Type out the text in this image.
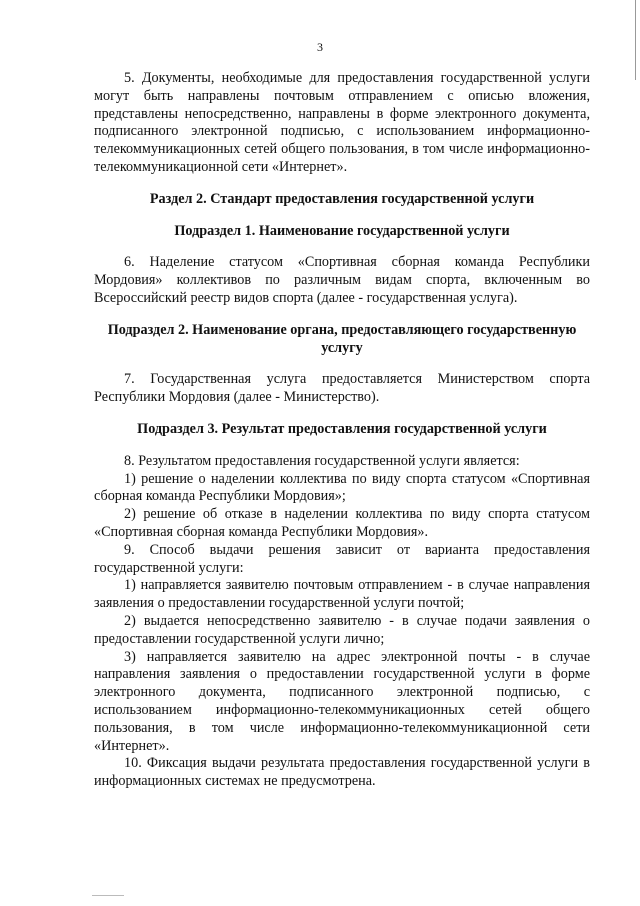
3

5. Документы, необходимые для предоставления государственной услуги могут быть направлены почтовым отправлением с описью вложения, представлены непосредственно, направлены в форме электронного документа, подписанного электронной подписью, с использованием информационно-телекоммуникационных сетей общего пользования, в том числе информационно-телекоммуникационной сети «Интернет».

Раздел 2. Стандарт предоставления государственной услуги
Подраздел 1. Наименование государственной услуги

6. Наделение статусом «Спортивная сборная команда Республики Мордовия» коллективов по различным видам спорта, включенным во Всероссийский реестр видов спорта (далее - государственная услуга).

Подраздел 2. Наименование органа, предоставляющего государственную услугу

7. Государственная услуга предоставляется Министерством спорта Республики Мордовия (далее - Министерство).

Подраздел 3. Результат предоставления государственной услуги

8. Результатом предоставления государственной услуги является:

1) решение о наделении коллектива по виду спорта статусом «Спортивная сборная команда Республики Мордовия»;

2) решение об отказе в наделении коллектива по виду спорта статусом «Спортивная сборная команда Республики Мордовия».

9. Способ выдачи решения зависит от варианта предоставления государственной услуги:

1) направляется заявителю почтовым отправлением - в случае направления заявления о предоставлении государственной услуги почтой;

2) выдается непосредственно заявителю - в случае подачи заявления о предоставлении государственной услуги лично;

3) направляется заявителю на адрес электронной почты - в случае направления заявления о предоставлении государственной услуги в форме электронного документа, подписанного электронной подписью, с использованием информационно-телекоммуникационных сетей общего пользования, в том числе информационно-телекоммуникационной сети «Интернет».

10. Фиксация выдачи результата предоставления государственной услуги в информационных системах не предусмотрена.
